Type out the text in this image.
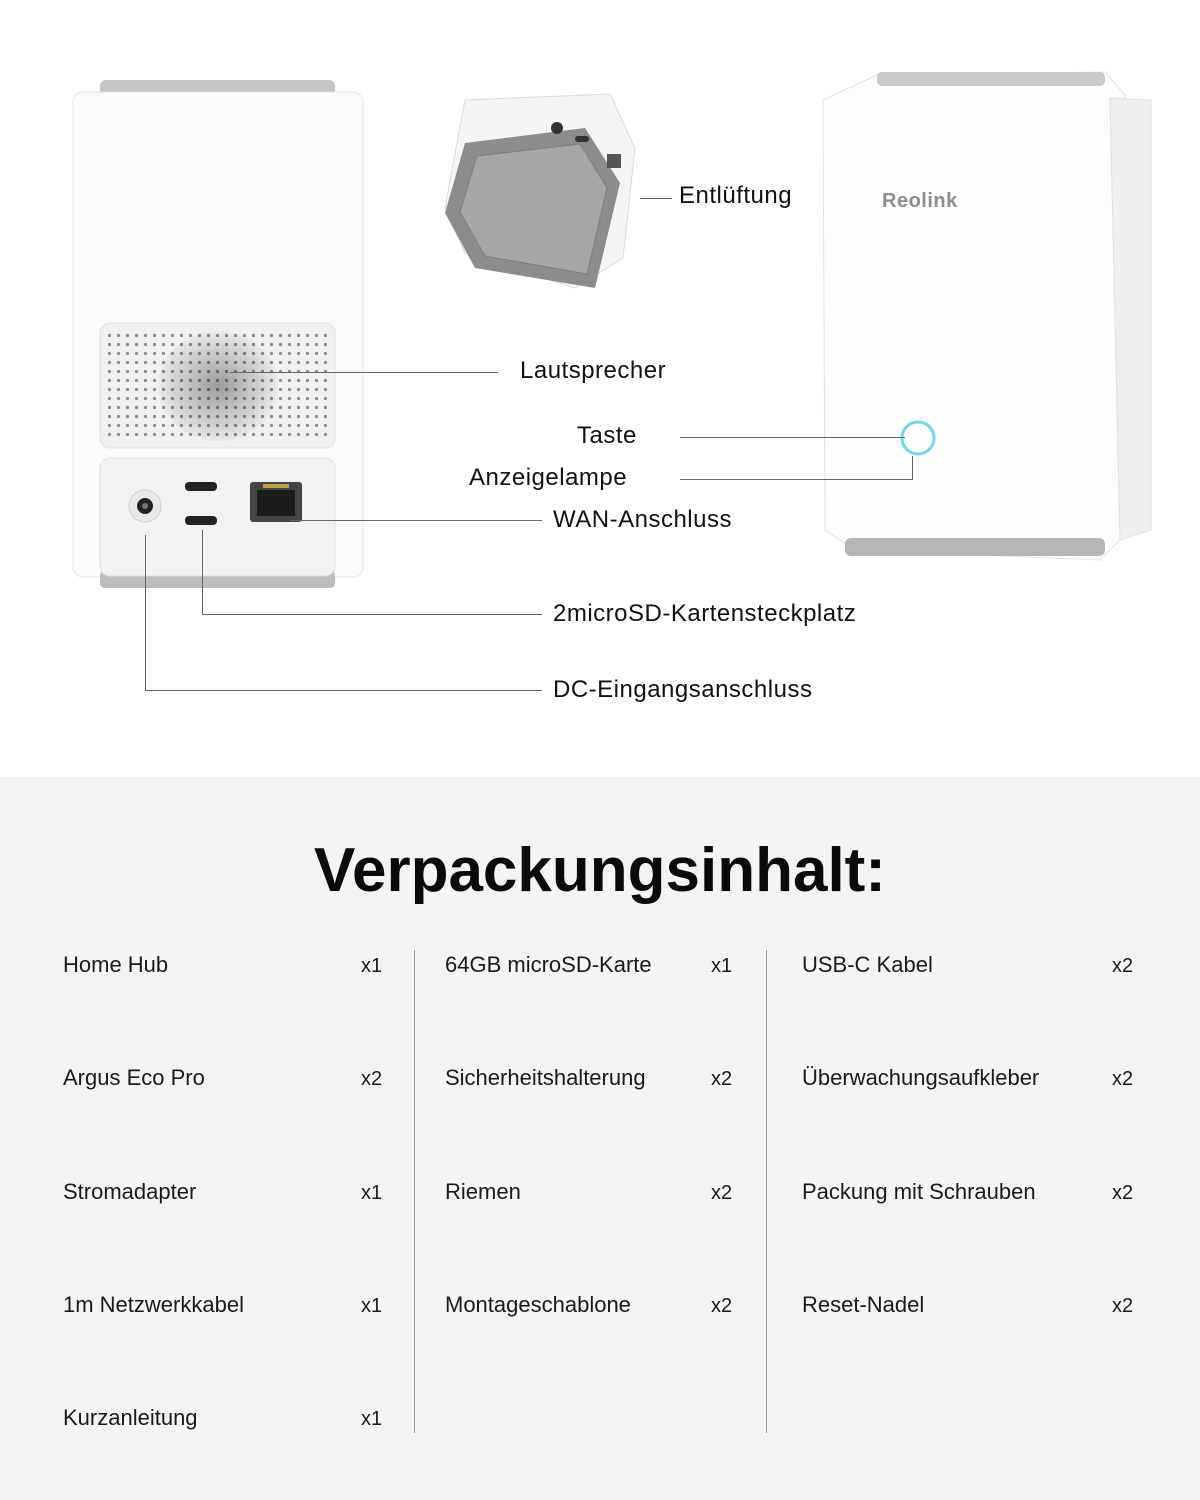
Reolink
Entlüftung
Lautsprecher
Taste
Anzeigelampe
WAN-Anschluss
2microSD-Kartensteckplatz
DC-Eingangsanschluss
Verpackungsinhalt:
Home Hub	x1
Argus Eco Pro	x2
Stromadapter	x1
1m Netzwerkkabel	x1
Kurzanleitung	x1
64GB microSD-Karte	x1
Sicherheitshalterung	x2
Riemen	x2
Montageschablone	x2
USB-C Kabel	x2
Überwachungsaufkleber	x2
Packung mit Schrauben	x2
Reset-Nadel	x2
